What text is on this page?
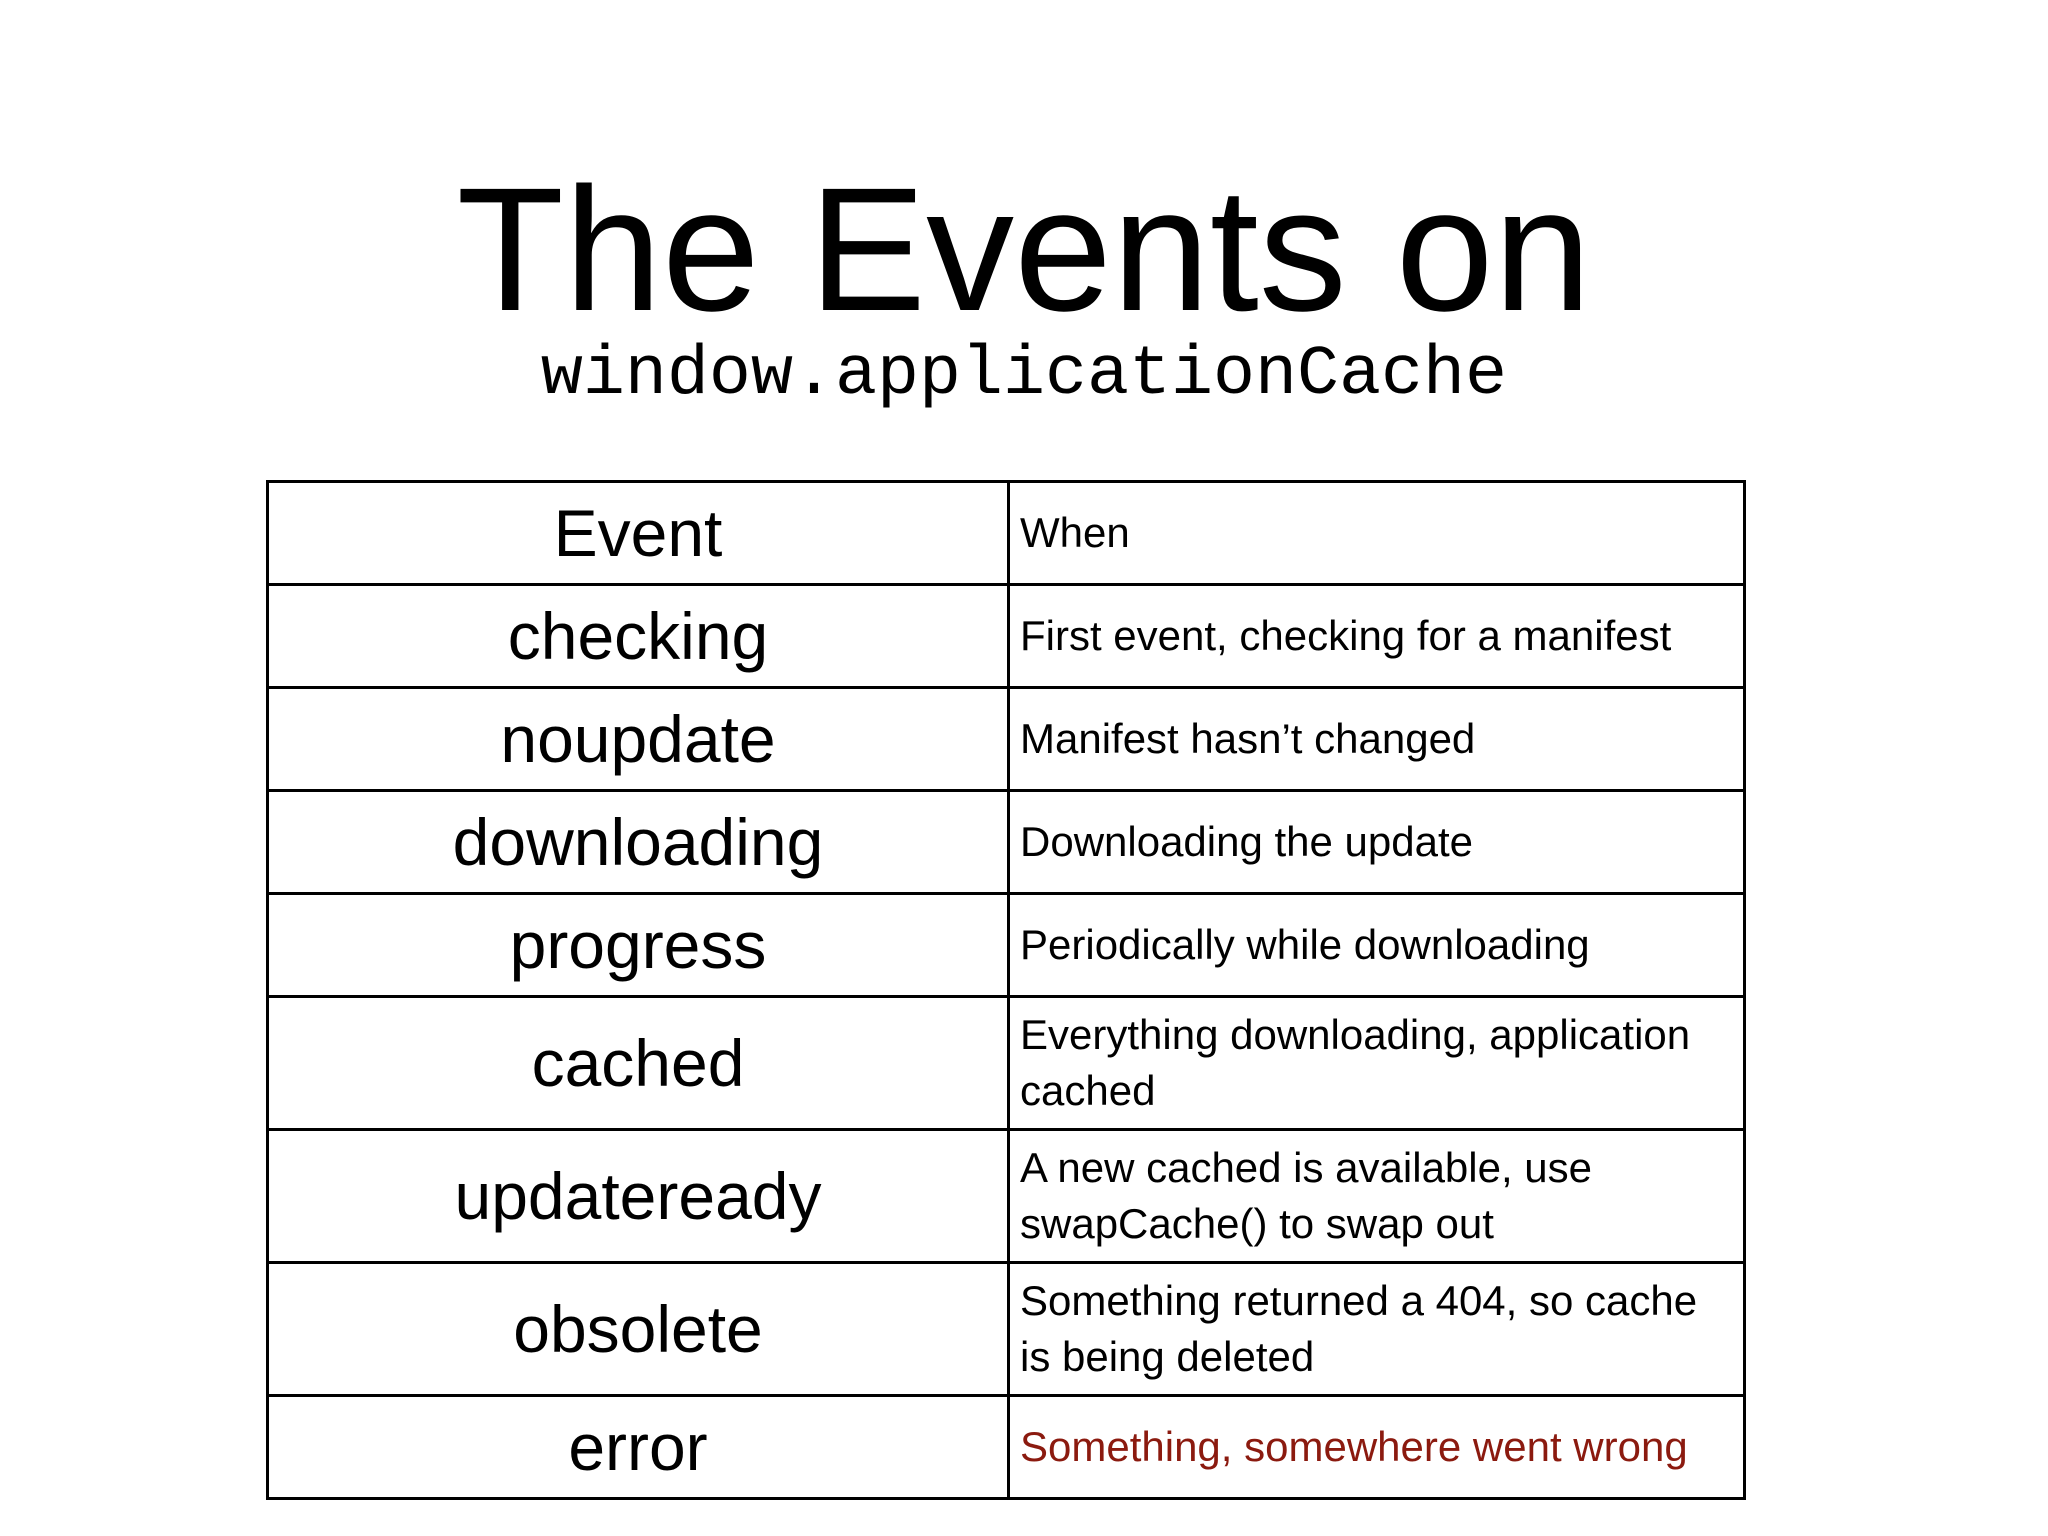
The Events on
window.applicationCache
Event	When
checking	First event, checking for a manifest
noupdate	Manifest hasn’t changed
downloading	Downloading the update
progress	Periodically while downloading
cached	Everything downloading, application cached
updateready	A new cached is available, use swapCache() to swap out
obsolete	Something returned a 404, so cache is being deleted
error	Something, somewhere went wrong
